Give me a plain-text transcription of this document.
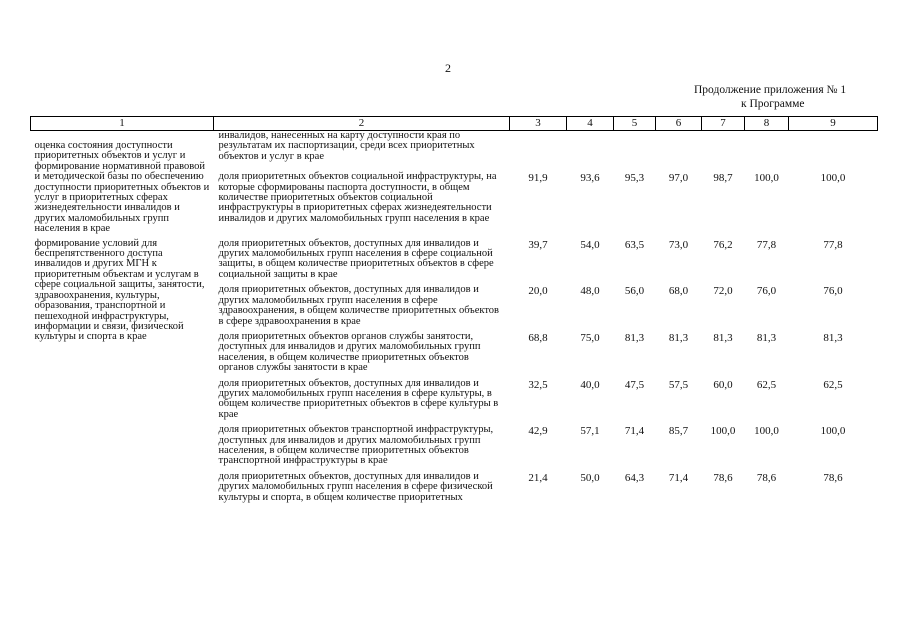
2
Продолжение приложения № 1
к Программе
1	2	3	4	5	6	7	8	9

оценка состояния доступности приоритетных объектов и услуг и формирование нормативной правовой и методической базы по обеспечению доступности приоритетных объектов и услуг в приоритетных сферах жизнедеятельности инвалидов и других маломобильных групп населения в крае	инвалидов, нанесенных на карту доступности края по результатам их паспортизации, среди всех приоритетных объектов и услуг в крае							
	доля приоритетных объектов социальной инфраструктуры, на которые сформированы паспорта доступности, в общем количестве приоритетных объектов социальной инфраструктуры в приоритетных сферах жизнедеятельности инвалидов и других маломобильных групп населения в крае	91,9	93,6	95,3	97,0	98,7	100,0	100,0
формирование условий для беспрепятственного доступа инвалидов и других МГН к приоритетным объектам и услугам в сфере социальной защиты, занятости, здравоохранения, культуры, образования, транспортной и пешеходной инфраструктуры, информации и связи, физической культуры и спорта в крае	доля приоритетных объектов, доступных для инвалидов и других маломобильных групп населения в сфере социальной защиты, в общем количестве приоритетных объектов в сфере социальной защиты в крае	39,7	54,0	63,5	73,0	76,2	77,8	77,8
	доля приоритетных объектов, доступных для инвалидов и других маломобильных групп населения в сфере здравоохранения, в общем количестве приоритетных объектов в сфере здравоохранения в крае	20,0	48,0	56,0	68,0	72,0	76,0	76,0
	доля приоритетных объектов органов службы занятости, доступных для инвалидов и других маломобильных групп населения, в общем количестве приоритетных объектов органов службы занятости в крае	68,8	75,0	81,3	81,3	81,3	81,3	81,3
	доля приоритетных объектов, доступных для инвалидов и других маломобильных групп населения в сфере культуры, в общем количестве приоритетных объектов в сфере культуры в крае	32,5	40,0	47,5	57,5	60,0	62,5	62,5
	доля приоритетных объектов транспортной инфраструктуры, доступных для инвалидов и других маломобильных групп населения, в общем количестве приоритетных объектов транспортной инфраструктуры в крае	42,9	57,1	71,4	85,7	100,0	100,0	100,0
	доля приоритетных объектов, доступных для инвалидов и других маломобильных групп населения в сфере физической культуры и спорта, в общем количестве приоритетных	21,4	50,0	64,3	71,4	78,6	78,6	78,6
